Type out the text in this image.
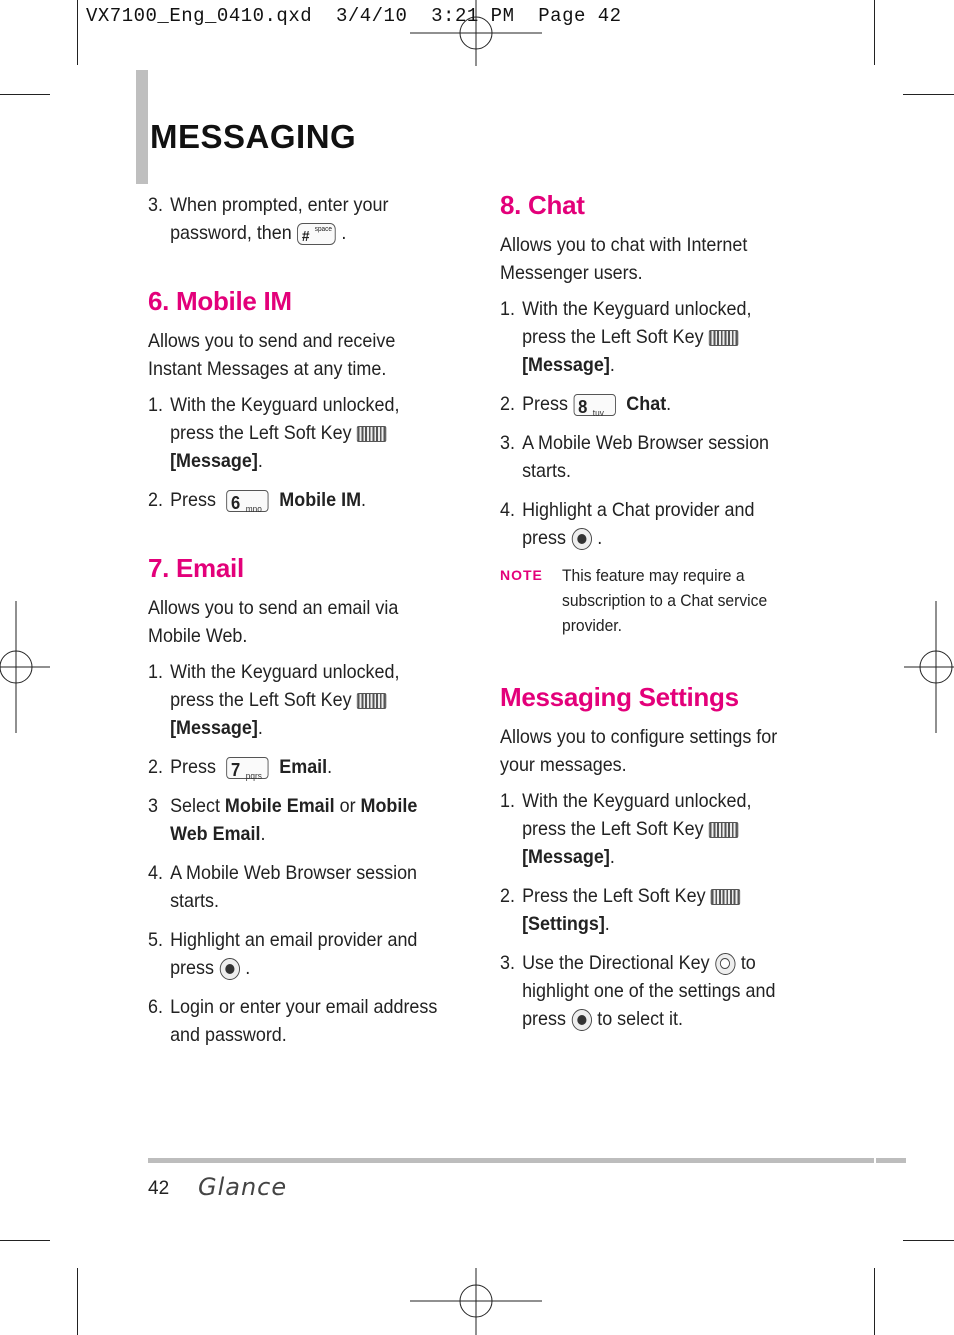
VX7100_Eng_0410.qxd  3/4/10  3:21 PM  Page 42
MESSAGING
3. When prompted, enter your password, then # space .
6. Mobile IM

Allows you to send and receive Instant Messages at any time.

1. With the Keyguard unlocked, press the Left Soft Key
[Message].
2. Press 6 mno Mobile IM.
7. Email

Allows you to send an email via Mobile Web.

1. With the Keyguard unlocked, press the Left Soft Key
[Message].
2. Press 7 pqrs Email.
3 Select Mobile Email or Mobile Web Email.
4. A Mobile Web Browser session starts.
5. Highlight an email provider and press .
6. Login or enter your email address and password.
8. Chat

Allows you to chat with Internet Messenger users.

1. With the Keyguard unlocked, press the Left Soft Key
[Message].
2. Press 8 tuv Chat.
3. A Mobile Web Browser session starts.
4. Highlight a Chat provider and press .
NOTE	This feature may require a subscription to a Chat service provider.
Messaging Settings

Allows you to configure settings for your messages.

1. With the Keyguard unlocked, press the Left Soft Key
[Message].
2. Press the Left Soft Key
[Settings].
3. Use the Directional Key to highlight one of the settings and press to select it.
42 Glance
